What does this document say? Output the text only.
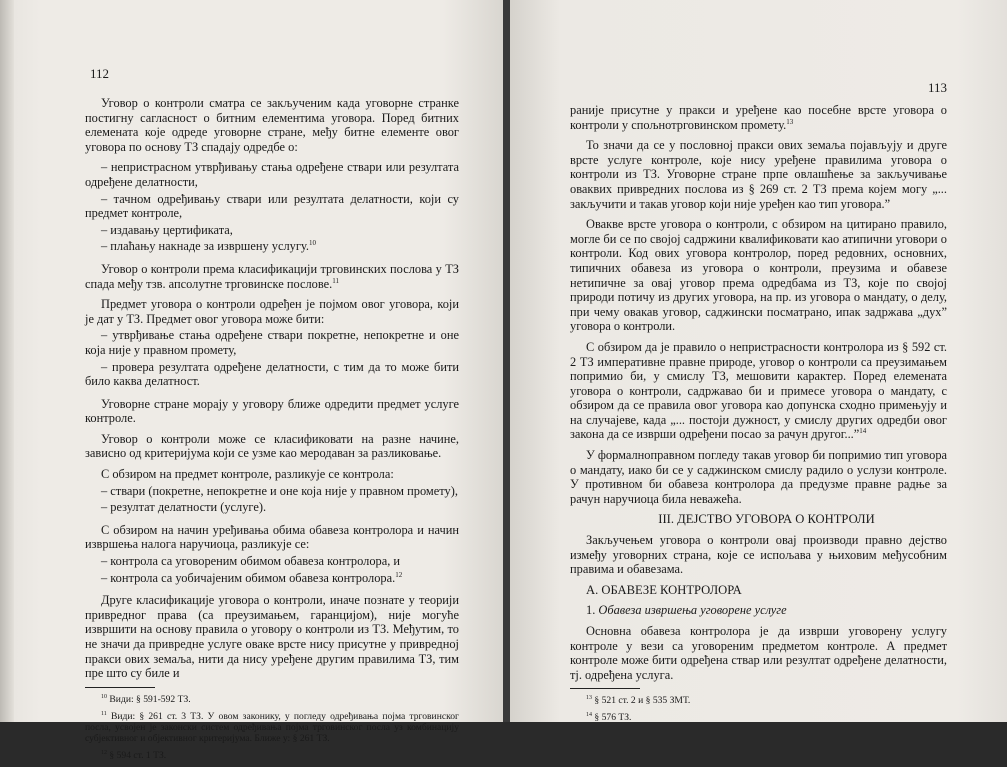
112

Уговор о контроли сматра се закључeним када уговорне странке постигну сагласност о битним елементима уговора. Поред битних елемената које одреде уговорне стране, међу битне елементе овог уговора по основу ТЗ спадају одредбе о:

– непристрасном утврђивању стања одређене ствари или резултата одређене делатности,

– тачном одређивању ствари или резултата делатности, који су предмет контроле,

– издавању цертификата,

– плаћању накнаде за извршену услугу.$^{10}$

Уговор о контроли према класификацији трговинских послова у ТЗ спада међу тзв. апсолутне трговинске послове.$^{11}$

Предмет уговора о контроли одређен је појмом овог уговора, који је дат у ТЗ. Предмет овог уговора може бити:

– утврђивање стања одређене ствари покретне, непокретне и оне која није у правном промету,

– провера резултата одређене делатности, с тим да то може бити било каква делатност.

Уговорне стране морају у уговору ближе одредити предмет услуге контроле.

Уговор о контроли може се класификовати на разне начине, зависно од критеријума који се узме као меродаван за разликовање.

С обзиром на предмет контроле, разликује се контрола:

– ствари (покретне, непокретне и оне која није у правном промету),

– резултат делатности (услуге).

С обзиром на начин уређивања обима обавеза контролора и начин извршења налога наручиоца, разликује се:

– контрола са уговореним обимом обавеза контролора, и

– контрола са уобичајеним обимом обавеза контролора.$^{12}$

Друге класификације уговора о контроли, иначе познате у теорији привредног права (са преузимањем, гаранцијом), није могуће извршити на основу правила о уговору о контроли из ТЗ. Међутим, то не значи да привредне услуге оваке врсте нису присутне у привредној пракси ових земаља, нити да нису уређене другим правилима ТЗ, тим пре што су биле и

$^{10}$ Види: § 591-592 ТЗ.

$^{11}$ Види: § 261 ст. 3 ТЗ. У овом законику, у погледу одређивања појма трговинског посла, усвојен је законски систем одређивања појма трговинског посла уз комбинацију субјективног и објективног критеријума. Ближе у: § 261 ТЗ.

$^{12}$ § 594 ст. 1 ТЗ.

113

раније присутне у пракси и уређене као посебне врсте уговора о контроли у спољнотрговинском промету.$^{13}$

То значи да се у пословној пракси ових земаља појављују и друге врсте услуге контроле, које нису уређене правилима уговора о контроли из ТЗ. Уговорне стране прпе овлашћење за закључивање оваквих привредних послова из § 269 ст. 2 ТЗ према којем могу „... закључити и такав уговор који није уређен као тип уговора.”

Овакве врсте уговора о контроли, с обзиром на цитирано правило, могле би се по својој садржини квалификовати као атипични уговори о контроли. Код ових уговора контролор, поред редовних, основних, типичних обавеза из уговора о контроли, преузима и обавезе нетипичне за овај уговор према одредбама из ТЗ, које по својој природи потичу из других уговора, на пр. из уговора о мандату, о делу, при чему овакав уговор, саджински посматрано, ипак задржава „дух” уговора о контроли.

С обзиром да је правило о непристрасности контролора из § 592 ст. 2 ТЗ императивне правне природе, уговор о контроли са преузимањем попримио би, у смислу ТЗ, мешовити карактер. Поред елемената уговора о контроли, садржавао би и примесе уговора о мандату, с обзиром да се правила овог уговора као допунска сходно примењују и на случајеве, када „... постоји дужност, у смислу других одредби овог закона да се изврши одређени посао за рачун другог...”$^{14}$

У формалноправном погледу такав уговор би попримио тип уговора о мандату, иако би се у саджинском смислу радило о услузи контроле. У противном би обавеза контролора да предузме правне радње за рачун наручиоца била неважећа.

III. ДЕЈСТВО УГОВОРА О КОНТРОЛИ

Закључењем уговора о контроли овај производи правно дејство између уговорних страна, које се испољава у њиховим међусобним правима и обавезама.

А. ОБАВЕЗЕ КОНТРОЛОРА

1. Обавеза извршења уговорене услуге

Основна обавеза контролора је да изврши уговорену услугу контроле у вези са уговореним предметом контроле. А предмет контроле може бити одређена ствар или резултат одређене делатности, тј. одређена услуга.

$^{13}$ § 521 ст. 2 и § 535 ЗМТ.

$^{14}$ § 576 ТЗ.
